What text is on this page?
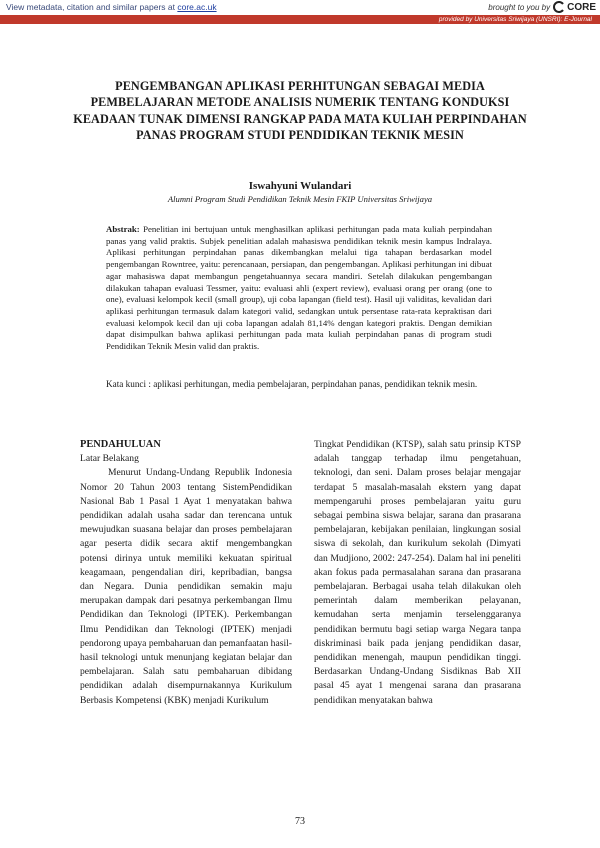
View metadata, citation and similar papers at core.ac.uk	brought to you by CORE
provided by Universitas Sriwijaya (UNSRI): E-Journal
PENGEMBANGAN APLIKASI PERHITUNGAN SEBAGAI MEDIA PEMBELAJARAN METODE ANALISIS NUMERIK TENTANG KONDUKSI KEADAAN TUNAK DIMENSI RANGKAP PADA MATA KULIAH PERPINDAHAN PANAS PROGRAM STUDI PENDIDIKAN TEKNIK MESIN
Iswahyuni Wulandari
Alumni Program Studi Pendidikan Teknik Mesin FKIP Universitas Sriwijaya

Abstrak: Penelitian ini bertujuan untuk menghasilkan aplikasi perhitungan pada mata kuliah perpindahan panas yang valid praktis. Subjek penelitian adalah mahasiswa pendidikan teknik mesin kampus Indralaya. Aplikasi perhitungan perpindahan panas dikembangkan melalui tiga tahapan berdasarkan model pengembangan Rowntree, yaitu: perencanaan, persiapan, dan pengembangan. Aplikasi perhitungan ini dibuat agar mahasiswa dapat membangun pengetahuannya secara mandiri. Setelah dilakukan pengembangan dilakukan tahapan evaluasi Tessmer, yaitu: evaluasi ahli (expert review), evaluasi orang per orang (one to one), evaluasi kelompok kecil (small group), uji coba lapangan (field test). Hasil uji validitas, kevalidan dari aplikasi perhitungan termasuk dalam kategori valid, sedangkan untuk persentase rata-rata kepraktisan dari evaluasi kelompok kecil dan uji coba lapangan adalah 81,14% dengan kategori praktis. Dengan demikian dapat disimpulkan bahwa aplikasi perhitungan pada mata kuliah perpindahan panas di program studi Pendidikan Teknik Mesin valid dan praktis.

Kata kunci : aplikasi perhitungan, media pembelajaran, perpindahan panas, pendidikan teknik mesin.

PENDAHULUAN

Latar Belakang

Menurut Undang-Undang Republik Indonesia Nomor 20 Tahun 2003 tentang SistemPendidikan Nasional Bab 1 Pasal 1 Ayat 1 menyatakan bahwa pendidikan adalah usaha sadar dan terencana untuk mewujudkan suasana belajar dan proses pembelajaran agar peserta didik secara aktif mengembangkan potensi dirinya untuk memiliki kekuatan spiritual keagamaan, pengendalian diri, kepribadian, bangsa dan Negara. Dunia pendidikan semakin maju merupakan dampak dari pesatnya perkembangan Ilmu Pendidikan dan Teknologi (IPTEK). Perkembangan Ilmu Pendidikan dan Teknologi (IPTEK) menjadi pendorong upaya pembaharuan dan pemanfaatan hasil-hasil teknologi untuk menunjang kegiatan belajar dan pembelajaran. Salah satu pembaharuan dibidang pendidikan adalah disempurnakannya Kurikulum Berbasis Kompetensi (KBK) menjadi Kurikulum

Tingkat Pendidikan (KTSP), salah satu prinsip KTSP adalah tanggap terhadap ilmu pengetahuan, teknologi, dan seni. Dalam proses belajar mengajar terdapat 5 masalah-masalah ekstern yang dapat mempengaruhi proses pembelajaran yaitu guru sebagai pembina siswa belajar, sarana dan prasarana pembelajaran, kebijakan penilaian, lingkungan sosial siswa di sekolah, dan kurikulum sekolah (Dimyati dan Mudjiono, 2002: 247-254). Dalam hal ini peneliti akan fokus pada permasalahan sarana dan prasarana pembelajaran. Berbagai usaha telah dilakukan oleh pemerintah dalam memberikan pelayanan, kemudahan serta menjamin terselenggaranya pendidikan bermutu bagi setiap warga Negara tanpa diskriminasi baik pada jenjang pendidikan dasar, pendidikan menengah, maupun pendidikan tinggi. Berdasarkan Undang-Undang Sisdiknas Bab XII pasal 45 ayat 1 mengenai sarana dan prasarana pendidikan menyatakan bahwa

73
